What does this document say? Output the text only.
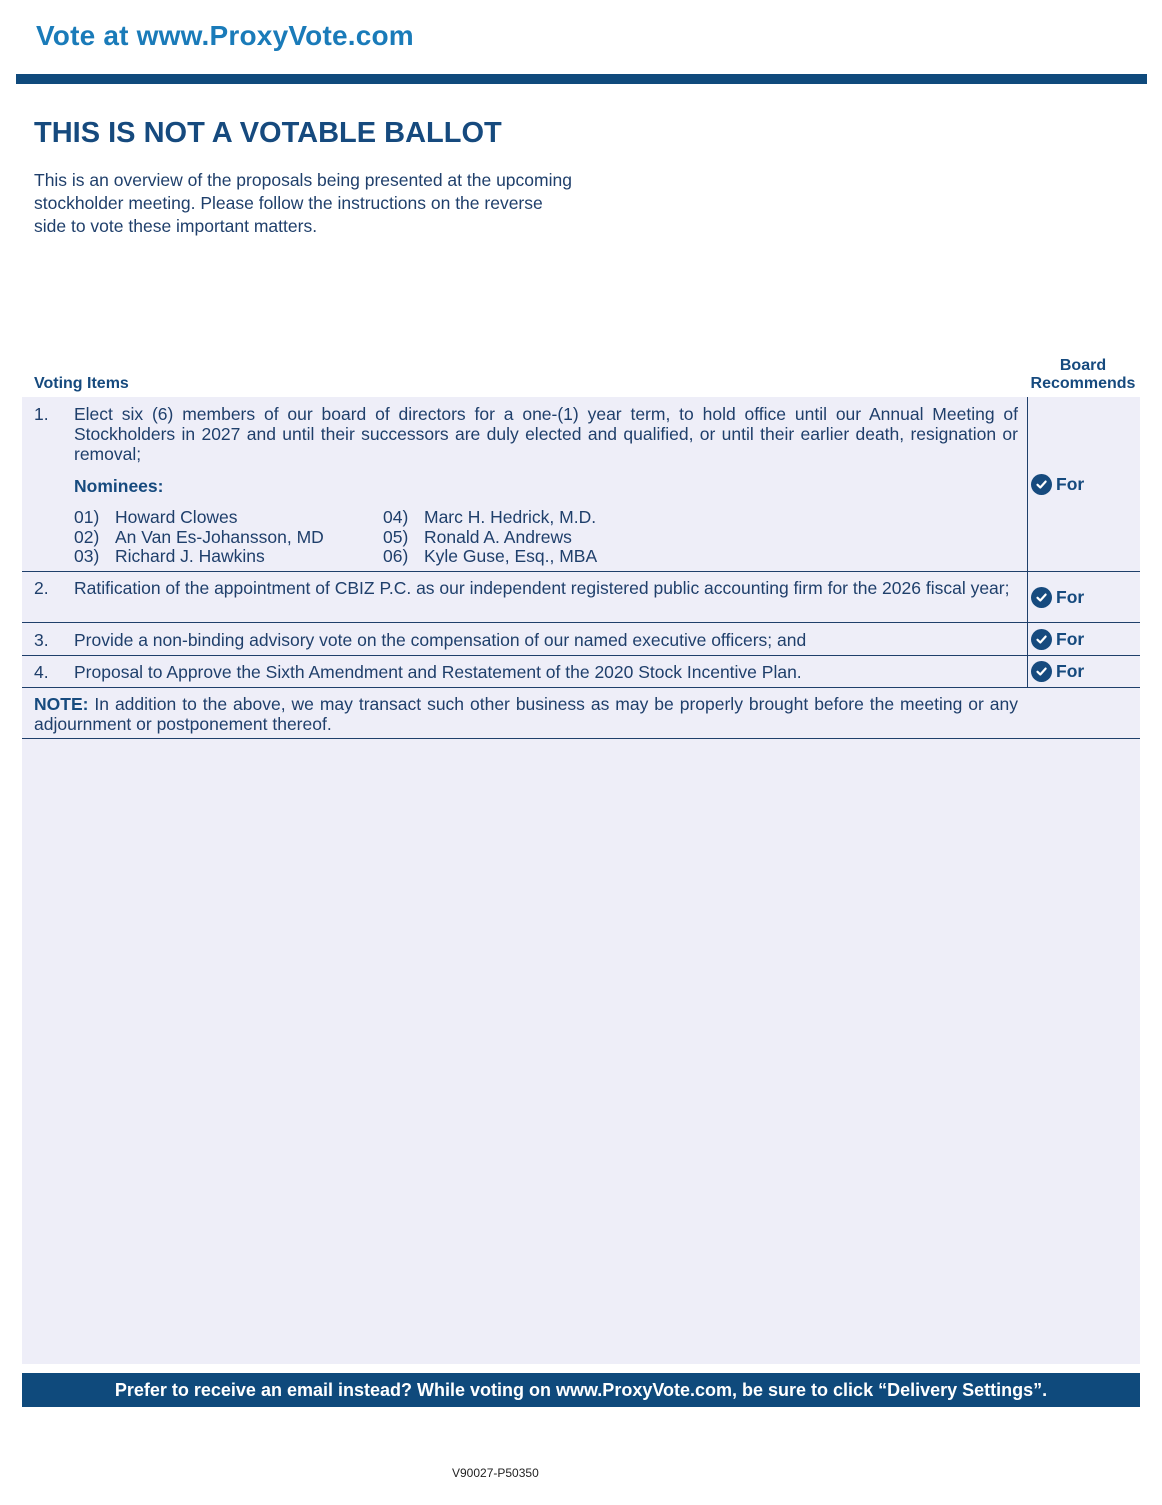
Vote at www.ProxyVote.com
THIS IS NOT A VOTABLE BALLOT
This is an overview of the proposals being presented at the upcoming stockholder meeting. Please follow the instructions on the reverse side to vote these important matters.
Voting Items
Board
Recommends
1. Elect six (6) members of our board of directors for a one-(1) year term, to hold office until our Annual Meeting of Stockholders in 2027 and until their successors are duly elected and qualified, or until their earlier death, resignation or removal;
Nominees:
01) Howard Clowes
02) An Van Es-Johansson, MD
03) Richard J. Hawkins
04) Marc H. Hedrick, M.D.
05) Ronald A. Andrews
06) Kyle Guse, Esq., MBA
For
2. Ratification of the appointment of CBIZ P.C. as our independent registered public accounting firm for the 2026 fiscal year;	For
3. Provide a non-binding advisory vote on the compensation of our named executive officers; and	For
4. Proposal to Approve the Sixth Amendment and Restatement of the 2020 Stock Incentive Plan.	For
NOTE: In addition to the above, we may transact such other business as may be properly brought before the meeting or any adjournment or postponement thereof.
Prefer to receive an email instead? While voting on www.ProxyVote.com, be sure to click “Delivery Settings”.
V90027-P50350
